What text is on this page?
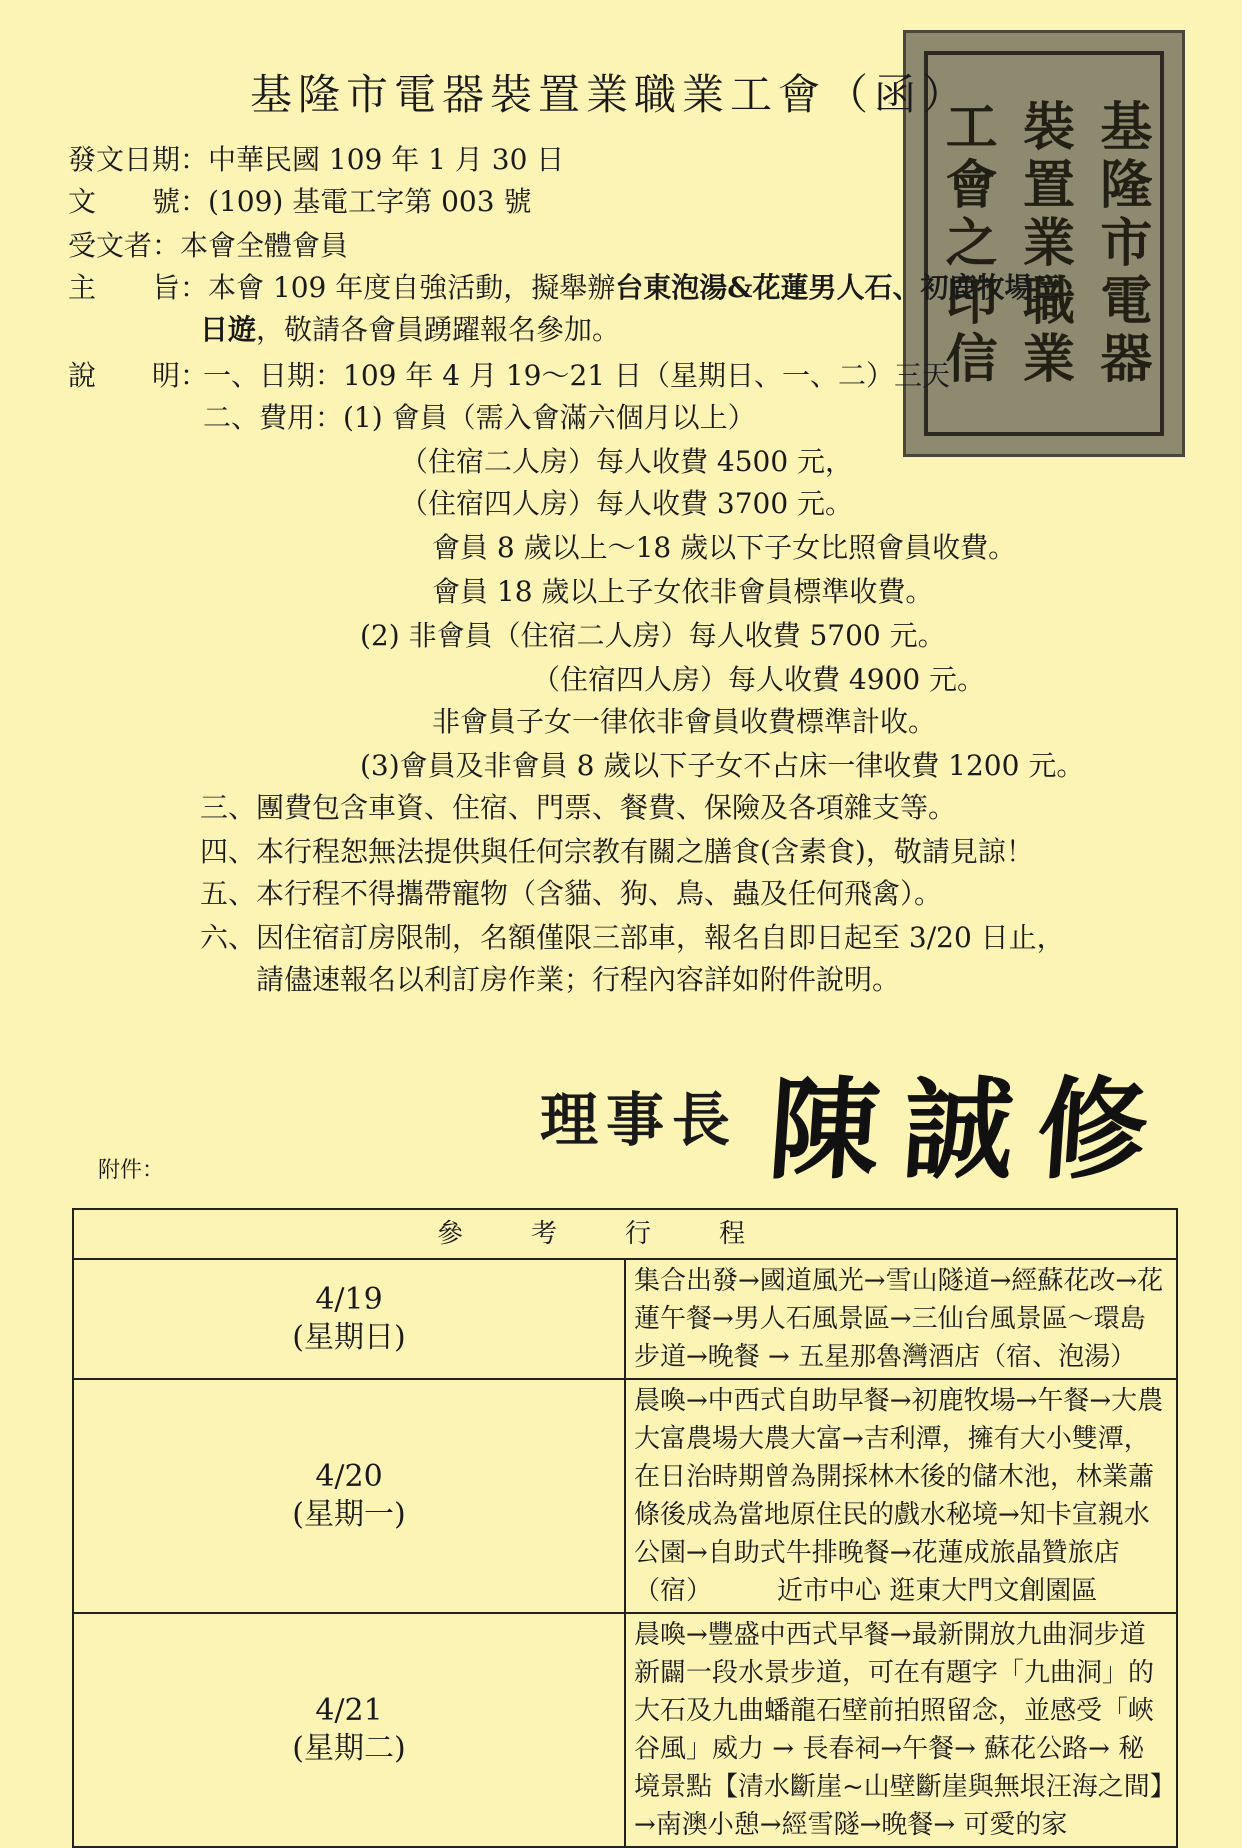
工會之印信 裝置業職業 基隆市電器
基隆市電器裝置業職業工會（函）
發文日期：中華民國 109 年 1 月 30 日
文　　號：(109) 基電工字第 003 號
受文者：本會全體會員
主　　旨：本會 109 年度自強活動，擬舉辦台東泡湯&花蓮男人石、初鹿牧場三
日遊，敬請各會員踴躍報名參加。
說　　明：
一、日期：109 年 4 月 19～21 日（星期日、一、二）三天
二、費用：(1) 會員（需入會滿六個月以上）
（住宿二人房）每人收費 4500 元，
（住宿四人房）每人收費 3700 元。
會員 8 歲以上～18 歲以下子女比照會員收費。
會員 18 歲以上子女依非會員標準收費。
(2) 非會員（住宿二人房）每人收費 5700 元。
（住宿四人房）每人收費 4900 元。
非會員子女一律依非會員收費標準計收。
(3)會員及非會員 8 歲以下子女不占床一律收費 1200 元。
三、團費包含車資、住宿、門票、餐費、保險及各項雜支等。
四、本行程恕無法提供與任何宗教有關之膳食(含素食)，敬請見諒！
五、本行程不得攜帶寵物（含貓、狗、鳥、蟲及任何飛禽）。
六、因住宿訂房限制，名額僅限三部車，報名自即日起至 3/20 日止，
請儘速報名以利訂房作業；行程內容詳如附件說明。
理事長 陳誠修
附件：
參考行程	

4/19
(星期日)	集合出發→國道風光→雪山隧道→經蘇花改→花蓮午餐→男人石風景區→三仙台風景區～環島步道→晚餐 → 五星那魯灣酒店（宿、泡湯）

4/20
(星期一)	晨喚→中西式自助早餐→初鹿牧場→午餐→大農大富農場大農大富→吉利潭，擁有大小雙潭，在日治時期曾為開採林木後的儲木池，林業蕭條後成為當地原住民的戲水秘境→知卡宣親水公園→自助式牛排晚餐→花蓮成旅晶贊旅店（宿）　　　近市中心 逛東大門文創園區

4/21
(星期二)	晨喚→豐盛中西式早餐→最新開放九曲洞步道新闢一段水景步道，可在有題字「九曲洞」的大石及九曲蟠龍石壁前拍照留念，並感受「峽谷風」威力 → 長春祠→午餐→ 蘇花公路→ 秘境景點【清水斷崖~山壁斷崖與無垠汪海之間】→南澳小憩→經雪隧→晚餐→ 可愛的家
